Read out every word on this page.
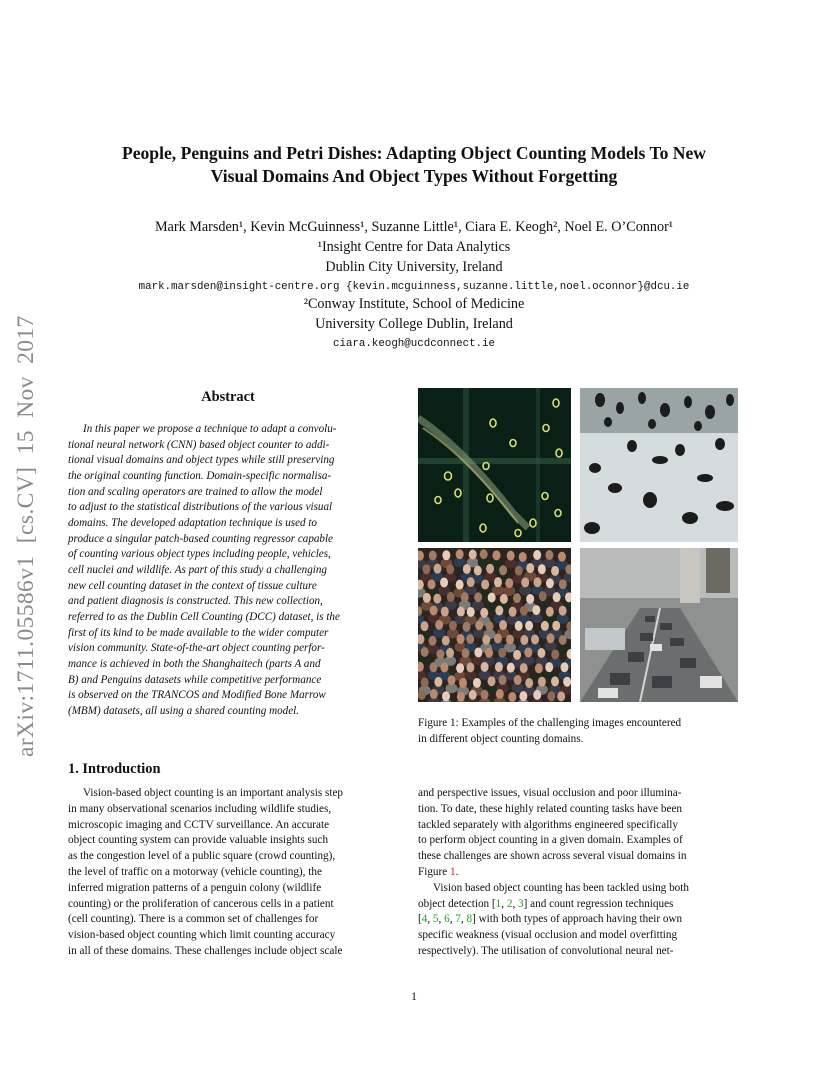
arXiv:1711.05586v1 [cs.CV] 15 Nov 2017
People, Penguins and Petri Dishes: Adapting Object Counting Models To New
Visual Domains And Object Types Without Forgetting
Mark Marsden¹, Kevin McGuinness¹, Suzanne Little¹, Ciara E. Keogh², Noel E. O’Connor¹
¹Insight Centre for Data Analytics
Dublin City University, Ireland
mark.marsden@insight-centre.org {kevin.mcguinness,suzanne.little,noel.oconnor}@dcu.ie
²Conway Institute, School of Medicine
University College Dublin, Ireland
ciara.keogh@ucdconnect.ie
Abstract
In this paper we propose a technique to adapt a convolu-
tional neural network (CNN) based object counter to addi-
tional visual domains and object types while still preserving
the original counting function. Domain-specific normalisa-
tion and scaling operators are trained to allow the model
to adjust to the statistical distributions of the various visual
domains. The developed adaptation technique is used to
produce a singular patch-based counting regressor capable
of counting various object types including people, vehicles,
cell nuclei and wildlife. As part of this study a challenging
new cell counting dataset in the context of tissue culture
and patient diagnosis is constructed. This new collection,
referred to as the Dublin Cell Counting (DCC) dataset, is the
first of its kind to be made available to the wider computer
vision community. State-of-the-art object counting perfor-
mance is achieved in both the Shanghaitech (parts A and
B) and Penguins datasets while competitive performance
is observed on the TRANCOS and Modified Bone Marrow
(MBM) datasets, all using a shared counting model.
1. Introduction
Vision-based object counting is an important analysis step
in many observational scenarios including wildlife studies,
microscopic imaging and CCTV surveillance. An accurate
object counting system can provide valuable insights such
as the congestion level of a public square (crowd counting),
the level of traffic on a motorway (vehicle counting), the
inferred migration patterns of a penguin colony (wildlife
counting) or the proliferation of cancerous cells in a patient
(cell counting). There is a common set of challenges for
vision-based object counting which limit counting accuracy
in all of these domains. These challenges include object scale
and perspective issues, visual occlusion and poor illumina-
tion. To date, these highly related counting tasks have been
tackled separately with algorithms engineered specifically
to perform object counting in a given domain. Examples of
these challenges are shown across several visual domains in
Figure
1 .
Vision based object counting has been tackled using both
object detection [1, 2, 3] and count regression techniques
[4, 5, 6, 7, 8] with both types of approach having their own
specific weakness (visual occlusion and model overfitting
respectively). The utilisation of convolutional neural net-
Figure 1: Examples of the challenging images encountered
in different object counting domains.
1
